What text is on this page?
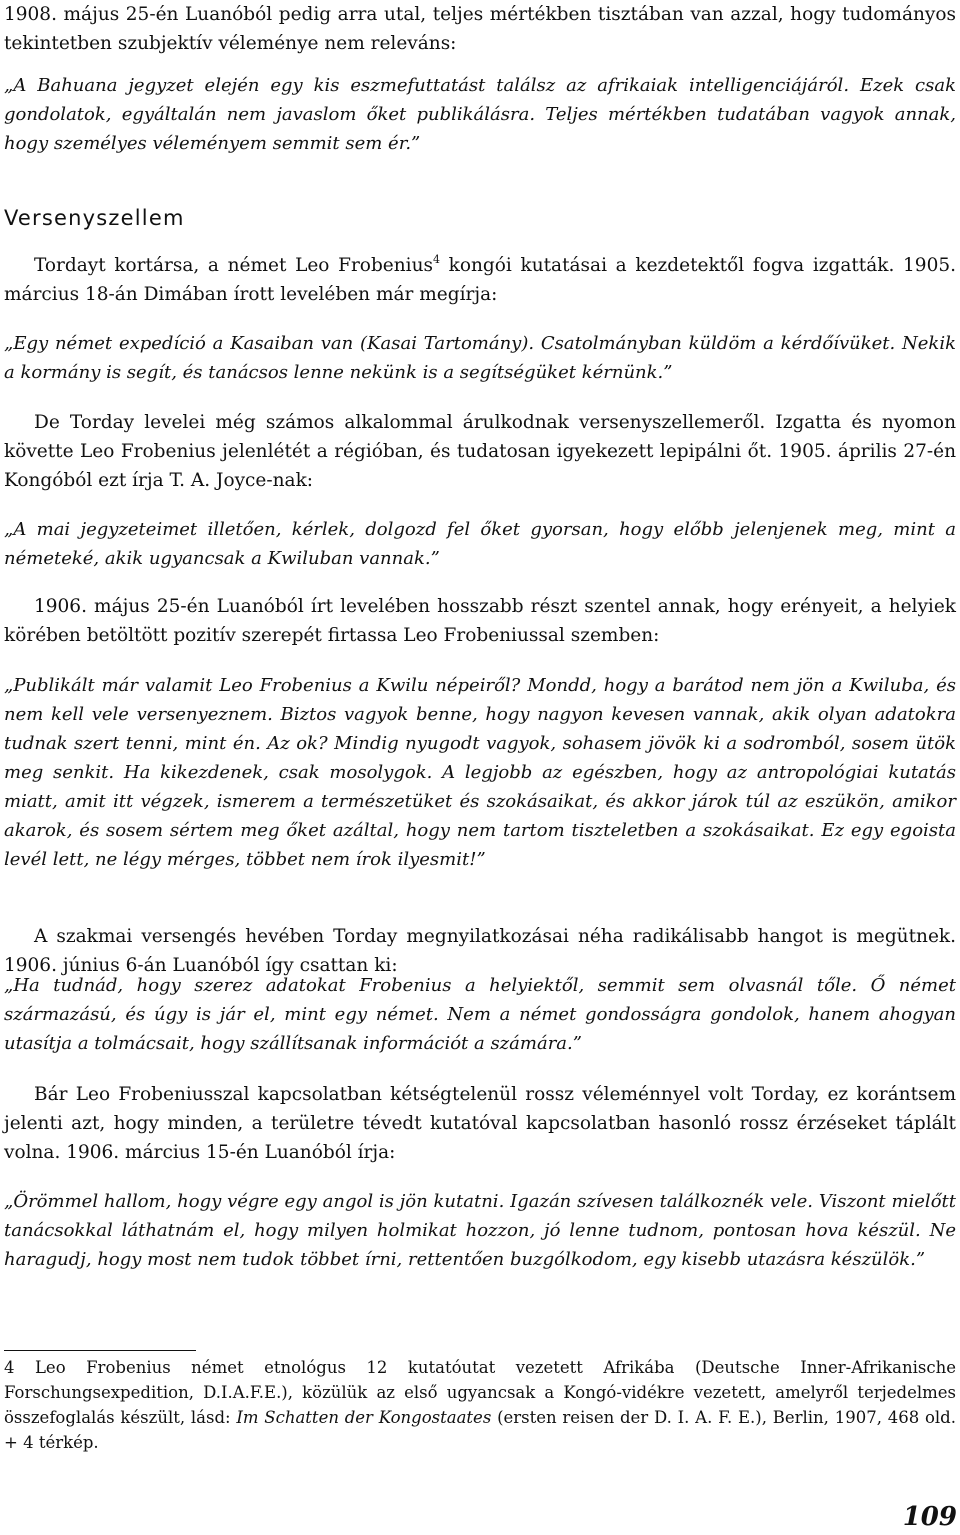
1908. május 25-én Luanóból pedig arra utal, teljes mértékben tisztában van azzal, hogy tudományos tekintetben szubjektív véleménye nem releváns:

„A Bahuana jegyzet elején egy kis eszmefuttatást találsz az afrikaiak intelligenciájáról. Ezek csak gondolatok, egyáltalán nem javaslom őket publikálásra. Teljes mértékben tudatában vagyok annak, hogy személyes véleményem semmit sem ér.”

Versenyszellem

Tordayt kortársa, a német Leo Frobenius$^4$ kongói kutatásai a kezdetektől fogva izgatták. 1905. március 18-án Dimában írott levelében már megírja:

„Egy német expedíció a Kasaiban van (Kasai Tartomány). Csatolmányban küldöm a kérdőívüket. Nekik a kormány is segít, és tanácsos lenne nekünk is a segítségüket kérnünk.”

De Torday levelei még számos alkalommal árulkodnak versenyszellemeről. Izgatta és nyomon követte Leo Frobenius jelenlétét a régióban, és tudatosan igyekezett lepipálni őt. 1905. április 27-én Kongóból ezt írja T. A. Joyce-nak:

„A mai jegyzeteimet illetően, kérlek, dolgozd fel őket gyorsan, hogy előbb jelenjenek meg, mint a németeké, akik ugyancsak a Kwiluban vannak.”

1906. május 25-én Luanóból írt levelében hosszabb részt szentel annak, hogy erényeit, a helyiek körében betöltött pozitív szerepét firtassa Leo Frobeniussal szemben:

„Publikált már valamit Leo Frobenius a Kwilu népeiről? Mondd, hogy a barátod nem jön a Kwiluba, és nem kell vele versenyeznem. Biztos vagyok benne, hogy nagyon kevesen vannak, akik olyan adatokra tudnak szert tenni, mint én. Az ok? Mindig nyugodt vagyok, sohasem jövök ki a sodromból, sosem ütök meg senkit. Ha kikezdenek, csak mosolygok. A legjobb az egészben, hogy az antropológiai kutatás miatt, amit itt végzek, ismerem a természetüket és szokásaikat, és akkor járok túl az eszükön, amikor akarok, és sosem sértem meg őket azáltal, hogy nem tartom tiszteletben a szokásaikat. Ez egy egoista levél lett, ne légy mérges, többet nem írok ilyesmit!”

A szakmai versengés hevében Torday megnyilatkozásai néha radikálisabb hangot is megütnek. 1906. június 6-án Luanóból így csattan ki:

„Ha tudnád, hogy szerez adatokat Frobenius a helyiektől, semmit sem olvasnál tőle. Ő német származású, és úgy is jár el, mint egy német. Nem a német gondosságra gondolok, hanem ahogyan utasítja a tolmácsait, hogy szállítsanak információt a számára.”

Bár Leo Frobeniusszal kapcsolatban kétségtelenül rossz véleménnyel volt Torday, ez korántsem jelenti azt, hogy minden, a területre tévedt kutatóval kapcsolatban hasonló rossz érzéseket táplált volna. 1906. március 15-én Luanóból írja:

„Örömmel hallom, hogy végre egy angol is jön kutatni. Igazán szívesen találkoznék vele. Viszont mielőtt tanácsokkal láthatnám el, hogy milyen holmikat hozzon, jó lenne tudnom, pontosan hova készül. Ne haragudj, hogy most nem tudok többet írni, rettentően buzgólkodom, egy kisebb utazásra készülök.”

4 Leo Frobenius német etnológus 12 kutatóutat vezetett Afrikába (Deutsche Inner-Afrikanische Forschungsexpedition, D.I.A.F.E.), közülük az első ugyancsak a Kongó-vidékre vezetett, amelyről terjedelmes összefoglalás készült, lásd: Im Schatten der Kongostaates (ersten reisen der D. I. A. F. E.), Berlin, 1907, 468 old. + 4 térkép.

109
